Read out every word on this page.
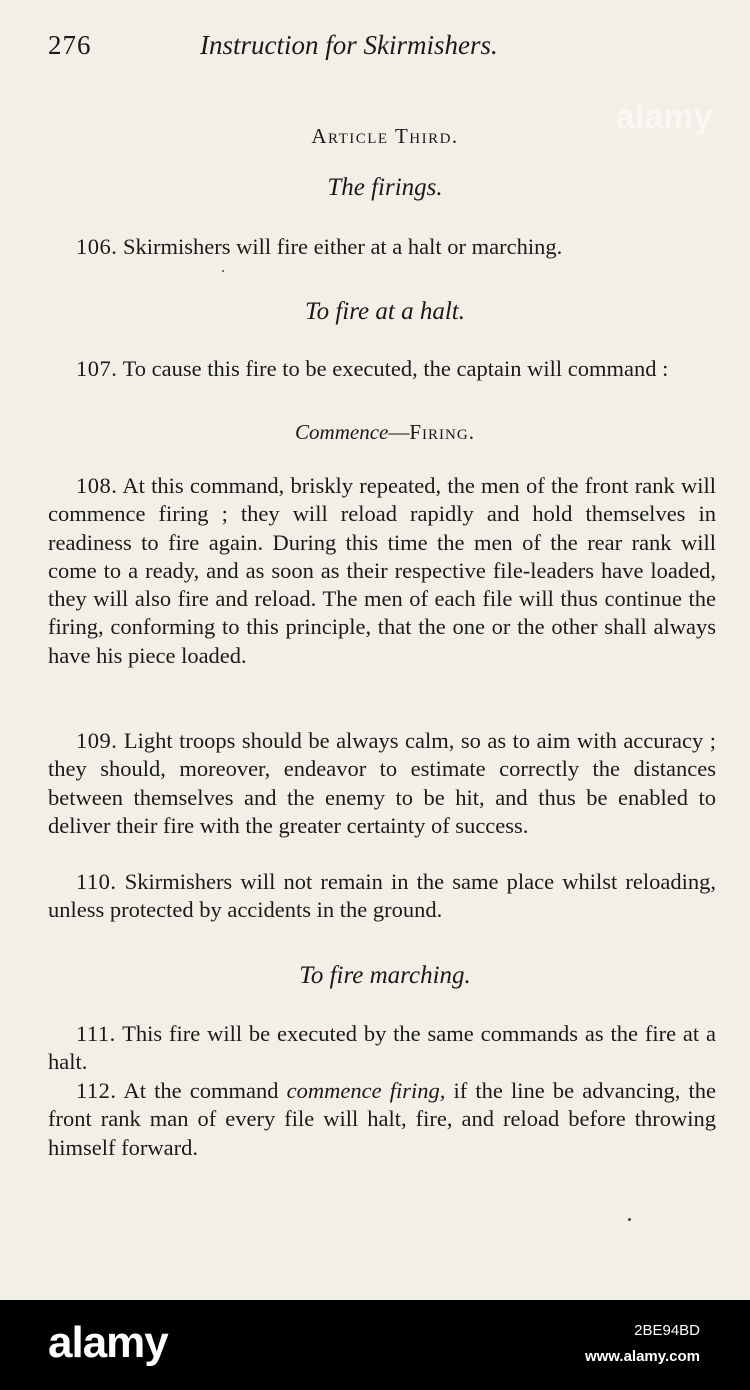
276	Instruction for Skirmishers.
Article Third.
The firings.

106. Skirmishers will fire either at a halt or marching.

To fire at a halt.

107. To cause this fire to be executed, the captain will command :

Commence—Firing.

108. At this command, briskly repeated, the men of the front rank will commence firing ; they will reload rapidly and hold themselves in readiness to fire again. During this time the men of the rear rank will come to a ready, and as soon as their respective file-leaders have loaded, they will also fire and reload. The men of each file will thus continue the firing, conforming to this principle, that the one or the other shall always have his piece loaded.

109. Light troops should be always calm, so as to aim with accuracy ; they should, moreover, endeavor to estimate correctly the distances between themselves and the enemy to be hit, and thus be enabled to deliver their fire with the greater certainty of success.

110. Skirmishers will not remain in the same place whilst reloading, unless protected by accidents in the ground.

To fire marching.

111. This fire will be executed by the same commands as the fire at a halt.

112. At the command commence firing, if the line be advancing, the front rank man of every file will halt, fire, and reload before throwing himself forward.

alamy
alamy	2BE94BD
www.alamy.com
